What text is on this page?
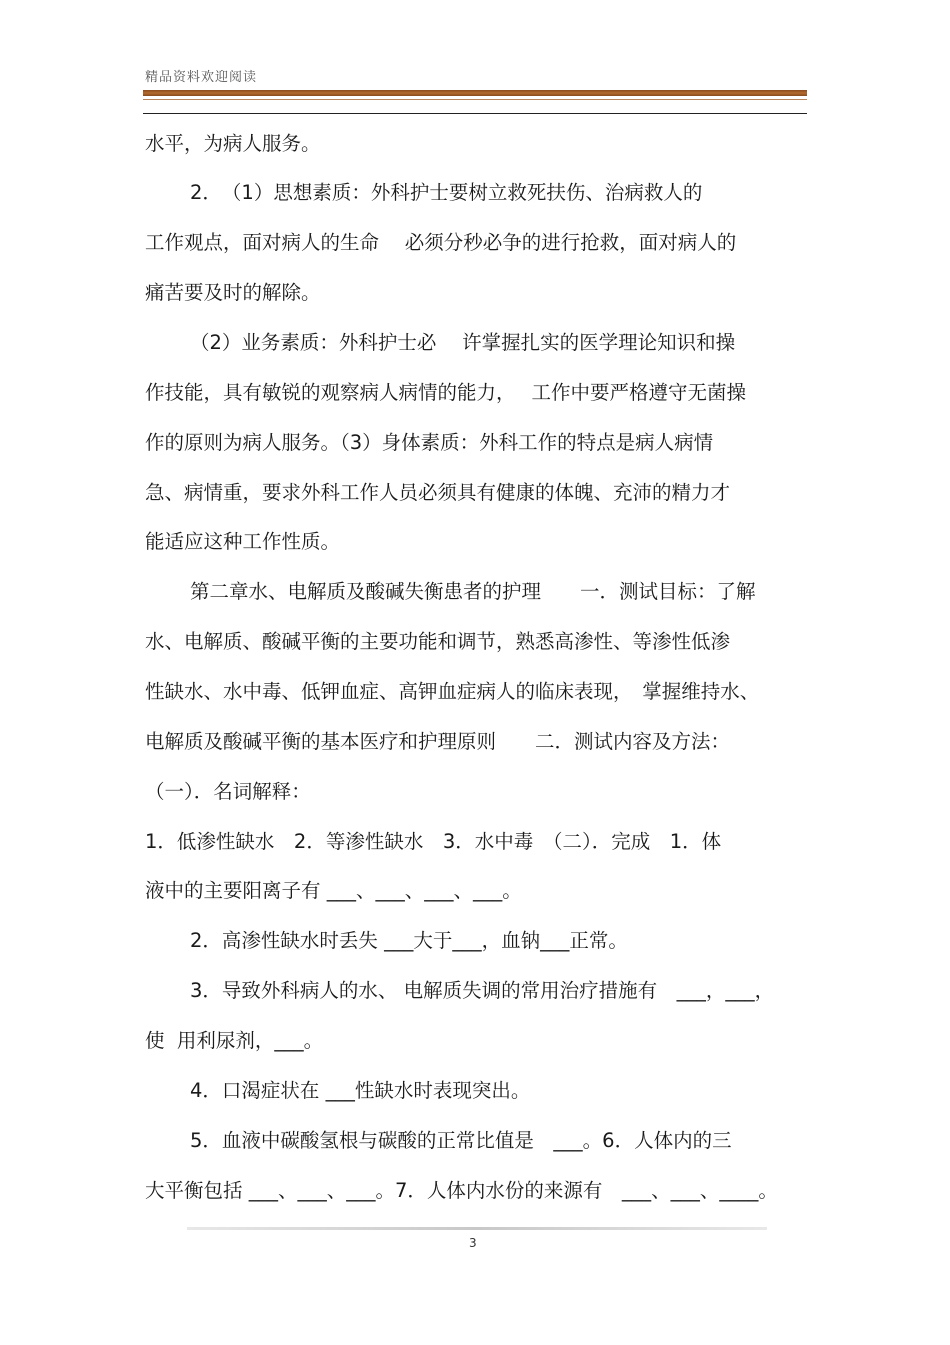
精品资料欢迎阅读
水平，为病人服务。
2．　（1）思想素质：外科护士要树立救死扶伤、治病救人的
工作观点，面对病人的生命　 必须分秒必争的进行抢救，面对病人的
痛苦要及时的解除。
（2）业务素质：外科护士必　 许掌握扎实的医学理论知识和操
作技能，具有敏锐的观察病人病情的能力，　 工作中要严格遵守无菌操
作的原则为病人服务。（3）身体素质：外科工作的特点是病人病情
急、病情重，要求外科工作人员必须具有健康的体魄、充沛的精力才
能适应这种工作性质。
第二章水、电解质及酸碱失衡患者的护理　　一．测试目标：了解
水、电解质、酸碱平衡的主要功能和调节，熟悉高渗性、等渗性低渗
性缺水、水中毒、低钾血症、高钾血症病人的临床表现，　掌握维持水、
电解质及酸碱平衡的基本医疗和护理原则　　二．测试内容及方法：
（一）．名词解释：
1．低渗性缺水　2．等渗性缺水　3．水中毒　（二）．完成　1．体
液中的主要阳离子有 ___、___、___、___。
2．高渗性缺水时丢失 ___大于___，血钠___正常。
3．导致外科病人的水、 电解质失调的常用治疗措施有　___，___，
使  用利尿剂，___。
4．口渴症状在 ___性缺水时表现突出。
5．血液中碳酸氢根与碳酸的正常比值是　___。6．人体内的三
大平衡包括 ___、___、___。7．人体内水份的来源有　___、___、____。
3
